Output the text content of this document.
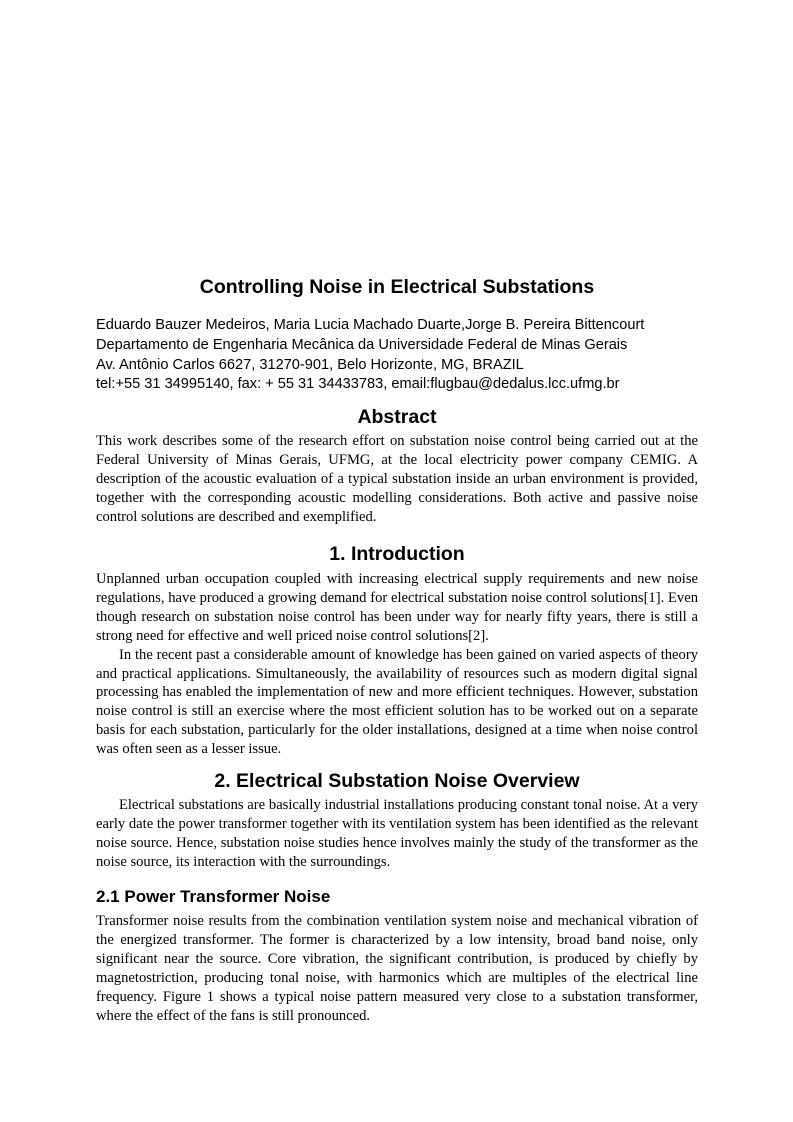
Controlling Noise in Electrical Substations
Eduardo Bauzer Medeiros, Maria Lucia Machado Duarte,Jorge B. Pereira Bittencourt
Departamento de Engenharia Mecânica da Universidade Federal de Minas Gerais
Av. Antônio Carlos 6627, 31270-901, Belo Horizonte, MG, BRAZIL
tel:+55 31 34995140, fax: + 55 31 34433783, email:flugbau@dedalus.lcc.ufmg.br
Abstract

This work describes some of the research effort on substation noise control being carried out at the Federal University of Minas Gerais, UFMG, at the local electricity power company CEMIG. A description of the acoustic evaluation of a typical substation inside an urban environment is provided, together with the corresponding acoustic modelling considerations. Both active and passive noise control solutions are described and exemplified.

1. Introduction

Unplanned urban occupation coupled with increasing electrical supply requirements and new noise regulations, have produced a growing demand for electrical substation noise control solutions[1]. Even though research on substation noise control has been under way for nearly fifty years, there is still a strong need for effective and well priced noise control solutions[2].

In the recent past a considerable amount of knowledge has been gained on varied aspects of theory and practical applications. Simultaneously, the availability of resources such as modern digital signal processing has enabled the implementation of new and more efficient techniques. However, substation noise control is still an exercise where the most efficient solution has to be worked out on a separate basis for each substation, particularly for the older installations, designed at a time when noise control was often seen as a lesser issue.

2. Electrical Substation Noise Overview

Electrical substations are basically industrial installations producing constant tonal noise. At a very early date the power transformer together with its ventilation system has been identified as the relevant noise source. Hence, substation noise studies hence involves mainly the study of the transformer as the noise source, its interaction with the surroundings.

2.1 Power Transformer Noise

Transformer noise results from the combination ventilation system noise and mechanical vibration of the energized transformer. The former is characterized by a low intensity, broad band noise, only significant near the source. Core vibration, the significant contribution, is produced by chiefly by magnetostriction, producing tonal noise, with harmonics which are multiples of the electrical line frequency. Figure 1 shows a typical noise pattern measured very close to a substation transformer, where the effect of the fans is still pronounced.
